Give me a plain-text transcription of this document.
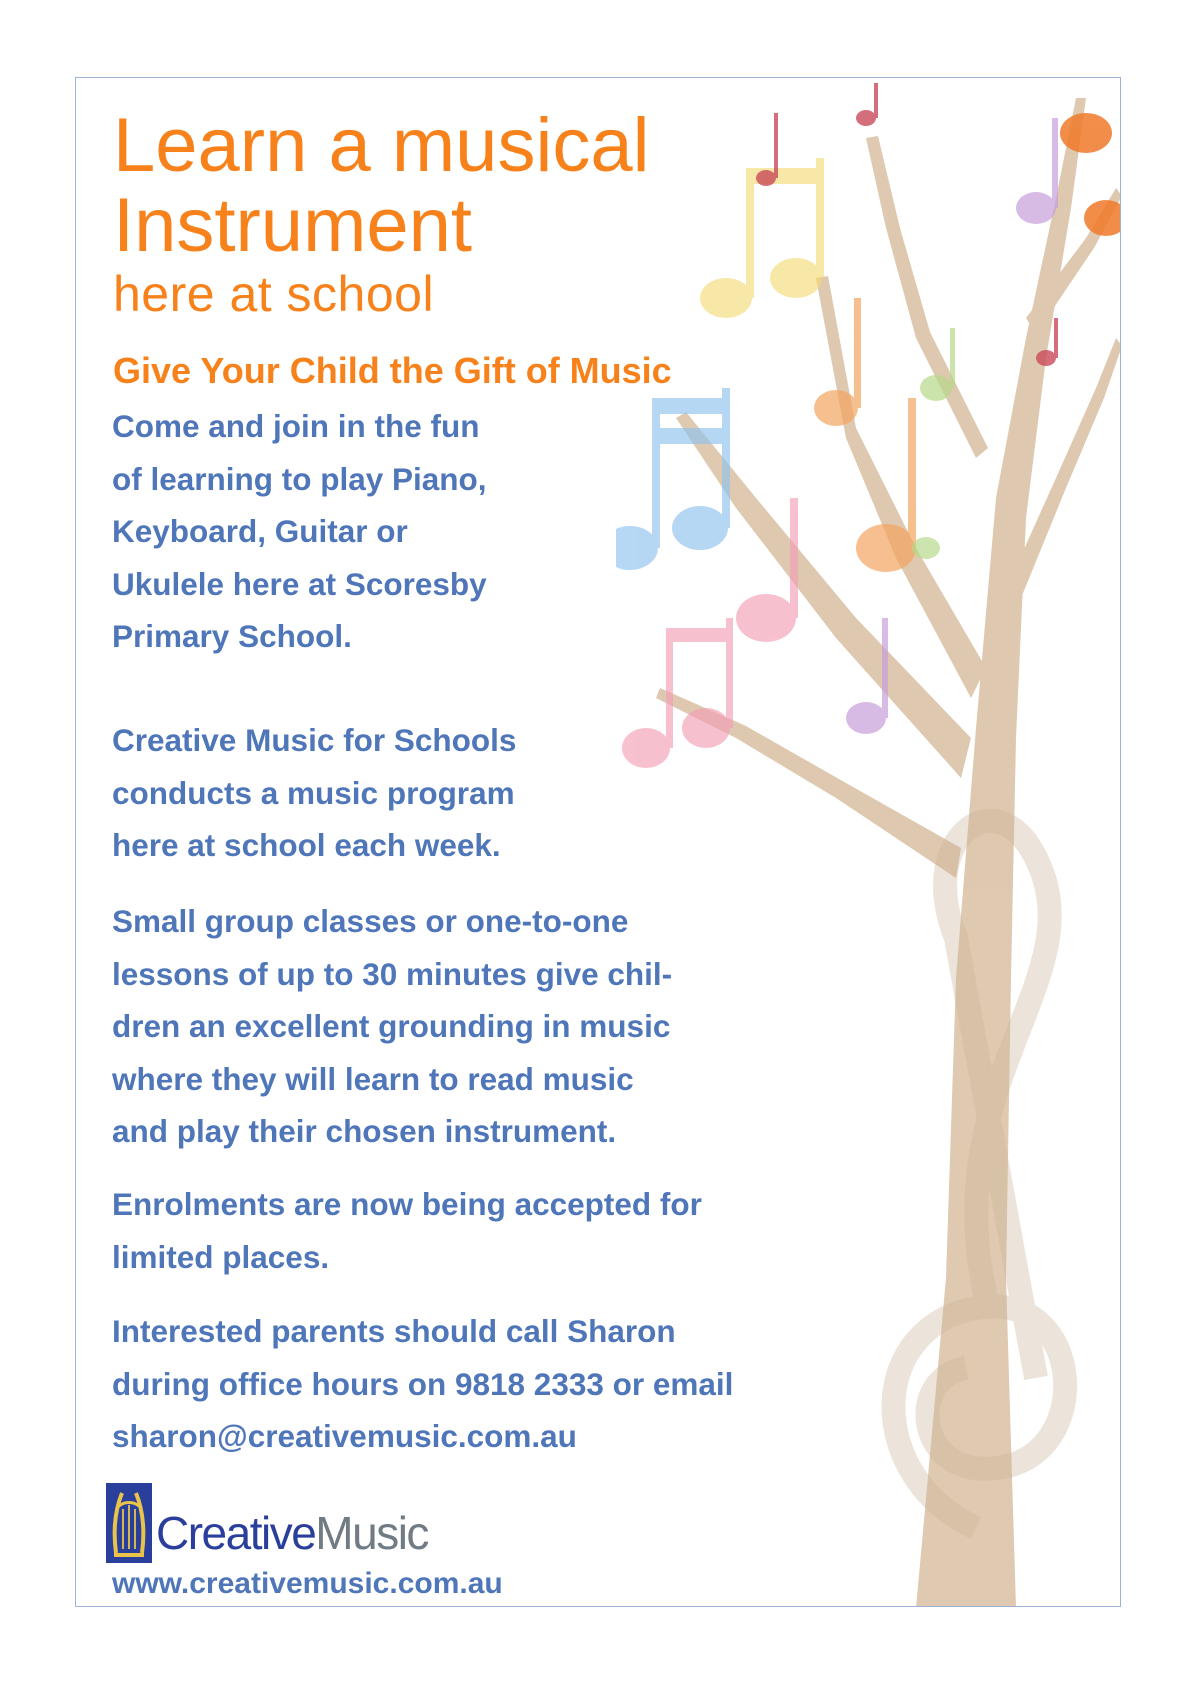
Learn a musical
Instrument
here at school
Give Your Child the Gift of Music

Come and join in the fun
of learning to play Piano,
Keyboard, Guitar or
Ukulele here at Scoresby
Primary School.

Creative Music for Schools
conducts a music program
here at school each week.

Small group classes or one-to-one
lessons of up to 30 minutes give chil-
dren an excellent grounding in music
where they will learn to read music
and play their chosen instrument.

Enrolments are now being accepted for
limited places.

Interested parents should call Sharon
during office hours on 9818 2333 or email
sharon@creativemusic.com.au

CreativeMusic
www.creativemusic.com.au
